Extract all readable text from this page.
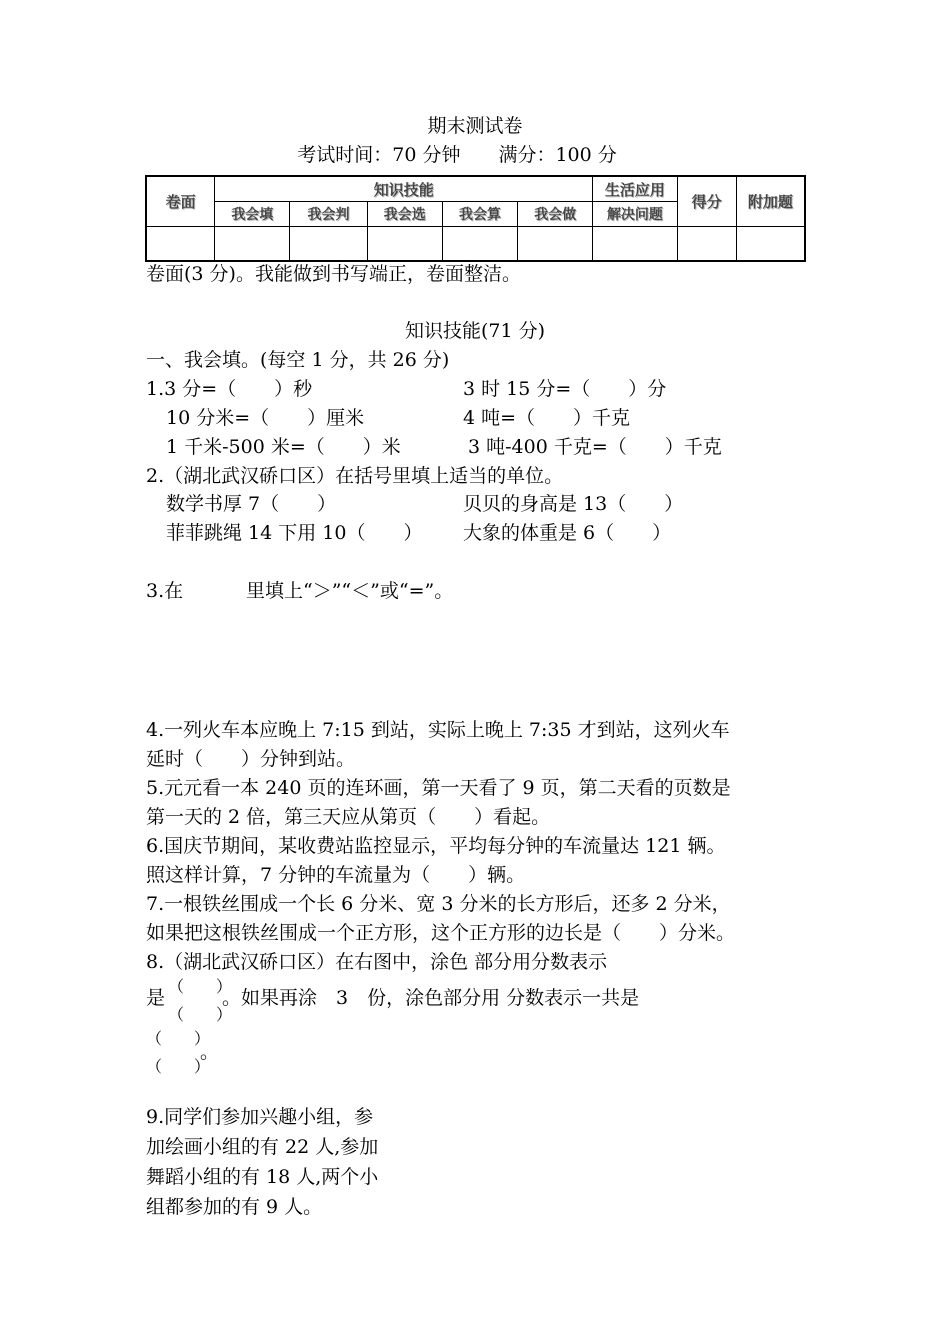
期末测试卷
考试时间：70 分钟　　满分：100 分
卷面	知识技能					生活应用	得分	附加题
	我会填	我会判	我会选	我会算	我会做	解决问题		

卷面(3 分)。我能做到书写端正，卷面整洁。
知识技能(71 分)
一、我会填。(每空 1 分，共 26 分)
1.3 分=（　　）秒	3 时 15 分=（　　）分
10 分米=（　　）厘米	4 吨=（　　）千克
1 千米-500 米=（　　）米	3 吨-400 千克=（　　）千克
2.（湖北武汉硚口区）在括号里填上适当的单位。
数学书厚 7（　　）	贝贝的身高是 13（　　）
菲菲跳绳 14 下用 10（　　） 大象的体重是 6（　　）
3.在	里填上“＞”“＜”或“=”。
4.一列火车本应晚上 7:15 到站，实际上晚上 7:35 才到站，这列火车
延时（　　）分钟到站。
5.元元看一本 240 页的连环画，第一天看了 9 页，第二天看的页数是
第一天的 2 倍，第三天应从第页（　　）看起。
6.国庆节期间，某收费站监控显示，平均每分钟的车流量达 121 辆。
照这样计算，7 分钟的车流量为（　　）辆。
7.一根铁丝围成一个长 6 分米、宽 3 分米的长方形后，还多 2 分米，
如果把这根铁丝围成一个正方形，这个正方形的边长是（　　）分米。
8.（湖北武汉硚口区）在右图中，涂色 部分用分数表示
是
（　　）
（　　）
。如果再涂　3　份，涂色部分用 分数表示一共是
（　　）
（　　）
。
9.同学们参加兴趣小组，参
加绘画小组的有 22 人,参加
舞蹈小组的有 18 人,两个小
组都参加的有 9 人。
